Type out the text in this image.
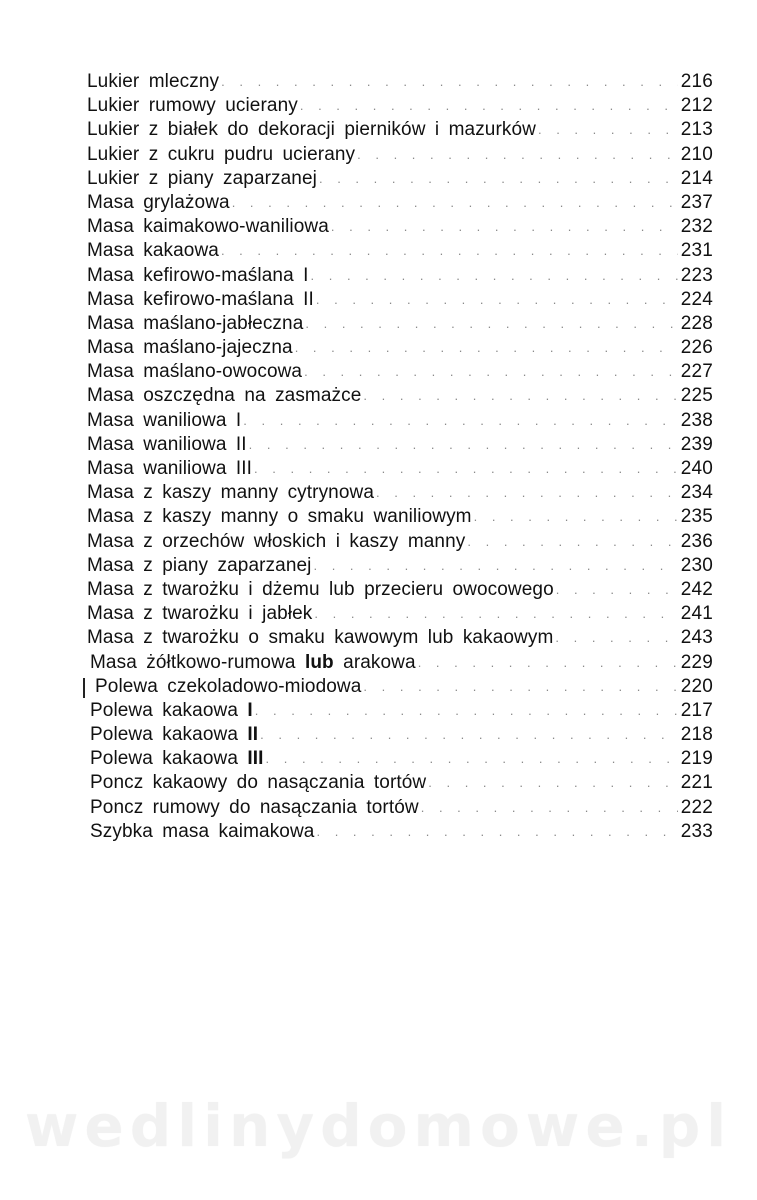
Lukier mleczny . . .	216
Lukier rumowy ucierany . . .	212
Lukier z białek do dekoracji pierników i mazurków . . .	213
Lukier z cukru pudru ucierany . . .	210
Lukier z piany zaparzanej . . .	214
Masa grylażowa . . .	237
Masa kaimakowo-waniliowa . . .	232
Masa kakaowa . . .	231
Masa kefirowo-maślana I . . .	223
Masa kefirowo-maślana II . . .	224
Masa maślano-jabłeczna . . .	228
Masa maślano-jajeczna . . .	226
Masa maślano-owocowa . . .	227
Masa oszczędna na zasmażce . . .	225
Masa waniliowa I . . .	238
Masa waniliowa II . . .	239
Masa waniliowa III . . .	240
Masa z kaszy manny cytrynowa . . .	234
Masa z kaszy manny o smaku waniliowym . . .	235
Masa z orzechów włoskich i kaszy manny . . .	236
Masa z piany zaparzanej . . .	230
Masa z twarożku i dżemu lub przecieru owocowego . . .	242
Masa z twarożku i jabłek . . .	241
Masa z twarożku o smaku kawowym lub kakaowym . . .	243
Masa żółtkowo-rumowa lub arakowa . . .	229
Polewa czekoladowo-miodowa . . .	220
Polewa kakaowa I . . .	217
Polewa kakaowa II . . .	218
Polewa kakaowa III . . .	219
Poncz kakaowy do nasączania tortów . . .	221
Poncz rumowy do nasączania tortów . . .	222
Szybka masa kaimakowa . . .	233
wedlinydomowe.pl
